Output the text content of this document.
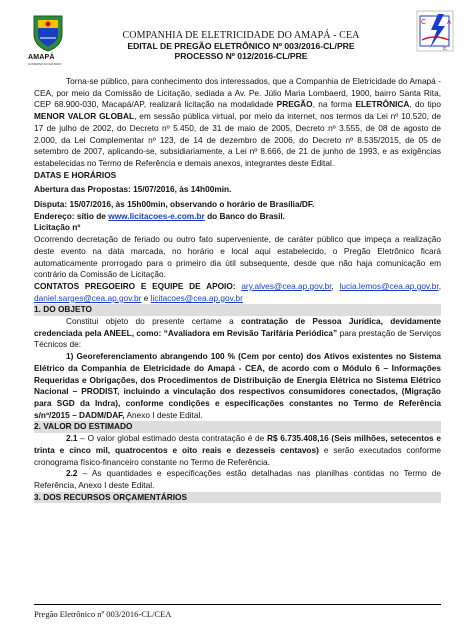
AMAPÁ
GOVERNO DO ESTADO
COMPANHIA DE ELETRICIDADE DO AMAPÁ - CEA
EDITAL DE PREGÃO ELETRÔNICO Nº 003/2016-CL/PRE
PROCESSO Nº 012/2016-CL/PRE
C
E
A

Torna-se público, para conhecimento dos interessados, que a Companhia de Eletricidade do Amapá - CEA, por meio da Comissão de Licitação, sediada a Av. Pe. Júlio Maria Lombaerd, 1900, bairro Santa Rita, CEP 68.900-030, Macapá/AP, realizará licitação na modalidade PREGÃO, na forma ELETRÔNICA, do tipo MENOR VALOR GLOBAL, em sessão pública virtual, por meio da internet, nos termos da Lei nº 10.520, de 17 de julho de 2002, do Decreto nº 5.450, de 31 de maio de 2005, Decreto nº 3.555, de 08 de agosto de 2.000, da Lei Complementar nº 123, de 14 de dezembro de 2006, do Decreto nº 8.535/2015, de 05 de setembro de 2007, aplicando-se, subsidiariamente, a Lei nº 8.666, de 21 de junho de 1993, e as exigências estabelecidas no Termo de Referência e demais anexos, integrantes deste Edital.

DATAS E HORÁRIOS

Abertura das Propostas: 15/07/2016, às 14h00min.

Disputa: 15/07/2016, às 15h00min, observando o horário de Brasília/DF.

Endereço: sítio de www.licitacoes-e.com.br do Banco do Brasil.

Licitação nº

Ocorrendo decretação de feriado ou outro fato superveniente, de caráter público que impeça a realização deste evento na data marcada, no horário e local aqui estabelecido, o Pregão Eletrônico ficará automaticamente prorrogado para o primeiro dia útil subsequente, desde que não haja comunicação em contrário da Comissão de Licitação.

CONTATOS PREGOEIRO E EQUIPE DE APOIO: ary.alves@cea.ap.gov.br, lucia.lemos@cea.ap.gov.br, daniel.sarges@cea.ap.gov.br e licitacoes@cea.ap.gov.br

1. DO OBJETO

Constitui objeto do presente certame a contratação de Pessoa Jurídica, devidamente credenciada pela ANEEL, como: “Avaliadora em Revisão Tarifária Periódica” para prestação de Serviços Técnicos de:

1) Georeferenciamento abrangendo 100 % (Cem por cento) dos Ativos existentes no Sistema Elétrico da Companhia de Eletricidade do Amapá - CEA, de acordo com o Módulo 6 – Informações Requeridas e Obrigações, dos Procedimentos de Distribuição de Energia Elétrica no Sistema Elétrico Nacional – PRODIST, incluindo a vinculação dos respectivos consumidores conectados, (Migração para SGD da Indra), conforme condições e especificações constantes no Termo de Referência s/nº/2015 – DADM/DAF, Anexo I deste Edital.

2. VALOR DO ESTIMADO

2.1 – O valor global estimado desta contratação é de R$ 6.735.408,16 (Seis milhões, setecentos e trinta e cinco mil, quatrocentos e oito reais e dezesseis centavos) e serão executados conforme cronograma físico-financeiro constante no Termo de Referência.

2.2 – As quantidades e especificações estão detalhadas nas planilhas contidas no Termo de Referência, Anexo I deste Edital.

3. DOS RECURSOS ORÇAMENTÁRIOS

Pregão Eletrônico nº 003/2016-CL/CEA
